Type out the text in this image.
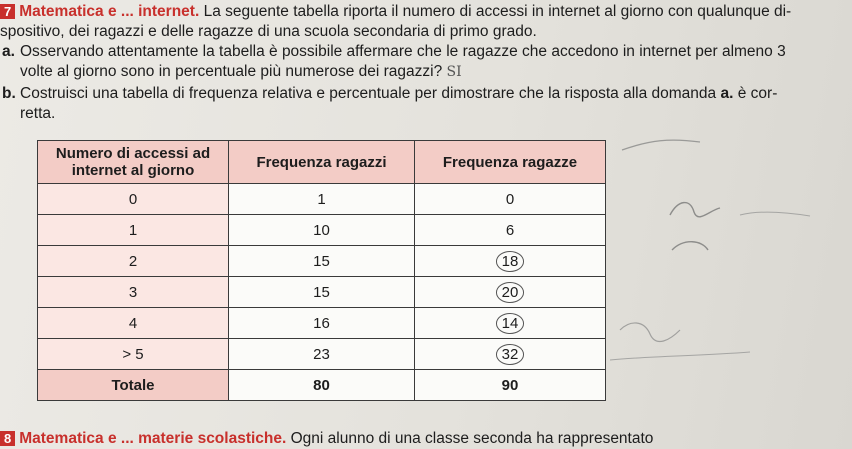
7 Matematica e ... internet. La seguente tabella riporta il numero di accessi in internet al giorno con qualunque di-
spositivo, dei ragazzi e delle ragazze di una scuola secondaria di primo grado.
a. Osservando attentamente la tabella è possibile affermare che le ragazze che accedono in internet per almeno 3
volte al giorno sono in percentuale più numerose dei ragazzi? SI
b. Costruisci una tabella di frequenza relativa e percentuale per dimostrare che la risposta alla domanda a. è cor-
retta.
Numero di accessi ad internet al giorno	Frequenza ragazzi	Frequenza ragazze
0	1	0
1	10	6
2	15	18
3	15	20
4	16	14
> 5	23	32
Totale	80	90
8 Matematica e ... materie scolastiche. Ogni alunno di una classe seconda ha rappresentato
